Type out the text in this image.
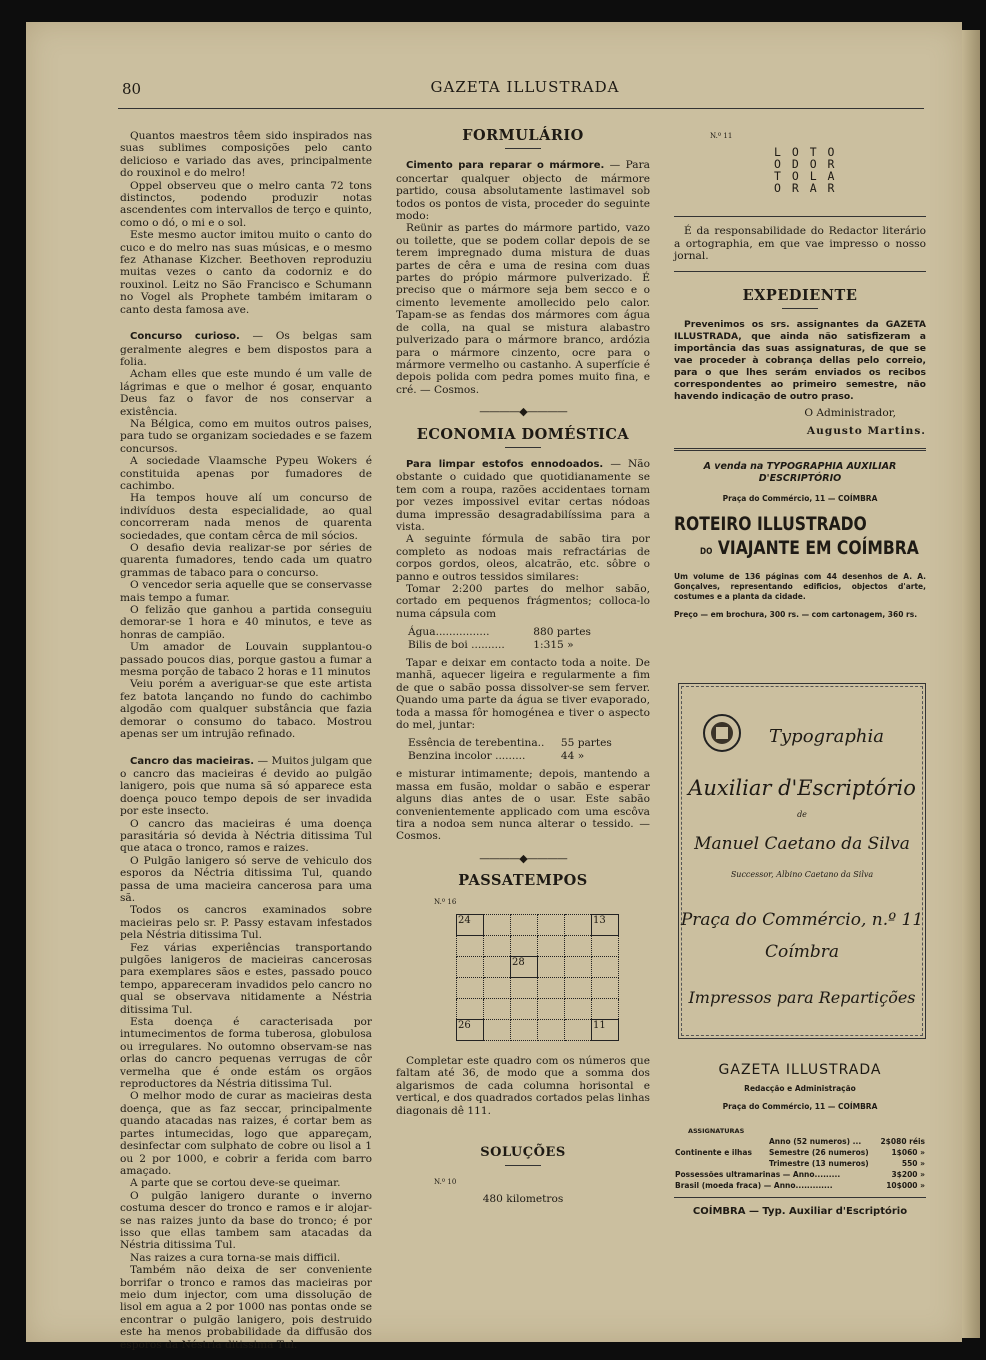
80	GAZETA ILLUSTRADA

Quantos maestros têem sido inspirados nas suas sublimes composições pelo canto delicioso e variado das aves, principalmente do rouxinol e do melro!

Oppel observeu que o melro canta 72 tons distinctos, podendo produzir notas ascendentes com intervallos de terço e quinto, como o dó, o mi e o sol.

Este mesmo auctor imitou muito o canto do cuco e do melro nas suas músicas, e o mesmo fez Athanase Kizcher. Beethoven reproduziu muitas vezes o canto da codorniz e do rouxinol. Leitz no São Francisco e Schumann no Vogel als Prophete também imitaram o canto desta famosa ave.

Concurso curioso. — Os belgas sam geralmente alegres e bem dispostos para a folia.

Acham elles que este mundo é um valle de lágrimas e que o melhor é gosar, enquanto Deus faz o favor de nos conservar a existência.

Na Bélgica, como em muitos outros paises, para tudo se organizam sociedades e se fazem concursos.

A sociedade Vlaamsche Pypeu Wokers é constituida apenas por fumadores de cachimbo.

Ha tempos houve alí um concurso de indivíduos desta especialidade, ao qual concorreram nada menos de quarenta sociedades, que contam cêrca de mil sócios.

O desafio devia realizar-se por séries de quarenta fumadores, tendo cada um quatro grammas de tabaco para o concurso.

O vencedor seria aquelle que se conservasse mais tempo a fumar.

O felizão que ganhou a partida conseguiu demorar-se 1 hora e 40 minutos, e teve as honras de campião.

Um amador de Louvain supplantou-o passado poucos dias, porque gastou a fumar a mesma porção de tabaco 2 horas e 11 minutos

Veiu porém a averiguar-se que este artista fez batota lançando no fundo do cachimbo algodão com qualquer substância que fazia demorar o consumo do tabaco. Mostrou apenas ser um intrujão refinado.

Cancro das macieiras. — Muitos julgam que o cancro das macieiras é devido ao pulgão lanigero, pois que numa sã só apparece esta doença pouco tempo depois de ser invadida por este insecto.

O cancro das macieiras é uma doença parasitária só devida à Néctria ditissima Tul que ataca o tronco, ramos e raizes.

O Pulgão lanigero só serve de vehiculo dos esporos da Néctria ditissima Tul, quando passa de uma macieira cancerosa para uma sã.

Todos os cancros examinados sobre macieiras pelo sr. P. Passy estavam infestados pela Néstria ditissima Tul.

Fez várias experiências transportando pulgões lanigeros de macieiras cancerosas para exemplares sãos e estes, passado pouco tempo, appareceram invadidos pelo cancro no qual se observava nitidamente a Néstria ditissima Tul.

Esta doença é caracterisada por intumecimentos de forma tuberosa, globulosa ou irregulares. No outomno observam-se nas orlas do cancro pequenas verrugas de côr vermelha que é onde estám os orgãos reproductores da Néstria ditissima Tul.

O melhor modo de curar as macieiras desta doença, que as faz seccar, principalmente quando atacadas nas raizes, é cortar bem as partes intumecidas, logo que appareçam, desinfectar com sulphato de cobre ou lisol a 1 ou 2 por 1000, e cobrir a ferida com barro amaçado.

A parte que se cortou deve-se queimar.

O pulgão lanigero durante o inverno costuma descer do tronco e ramos e ir alojar-se nas raizes junto da base do tronco; é por isso que ellas tambem sam atacadas da Néstria ditissima Tul.

Nas raizes a cura torna-se mais difficil.

Também não deixa de ser conveniente borrifar o tronco e ramos das macieiras por meio dum injector, com uma dissolução de lisol em agua a 2 por 1000 nas pontas onde se encontrar o pulgão lanigero, pois destruido este ha menos probabilidade da diffusão dos esporos da Néstria ditissima Tul.

FORMULÁRIO

Cimento para reparar o mármore. — Para concertar qualquer objecto de mármore partido, cousa absolutamente lastimavel sob todos os pontos de vista, proceder do seguinte modo:

Reünir as partes do mármore partido, vazo ou toilette, que se podem collar depois de se terem impregnado duma mistura de duas partes de cêra e uma de resina com duas partes do própio mármore pulverizado. É preciso que o mármore seja bem secco e o cimento levemente amollecido pelo calor. Tapam-se as fendas dos mármores com água de colla, na qual se mistura alabastro pulverizado para o mármore branco, ardózia para o mármore cinzento, ocre para o mármore vermelho ou castanho. A superfície é depois polida com pedra pomes muito fina, e cré. — Cosmos.

————◆————
ECONOMIA DOMÉSTICA

Para limpar estofos ennodoados. — Não obstante o cuidado que quotidianamente se tem com a roupa, razões accidentaes tornam por vezes impossivel evitar certas nódoas duma impressão desagradabilíssima para a vista.

A seguinte fórmula de sabão tira por completo as nodoas mais refractárias de corpos gordos, oleos, alcatrão, etc. sôbre o panno e outros tessidos similares:

Tomar 2:200 partes do melhor sabão, cortado em pequenos frágmentos; colloca-lo numa cápsula com

Água................	880 partes
Bilis de boi ..........	1:315 »

Tapar e deixar em contacto toda a noite. De manhã, aquecer ligeira e regularmente a fim de que o sabão possa dissolver-se sem ferver. Quando uma parte da água se tiver evaporado, toda a massa fôr homogénea e tiver o aspecto do mel, juntar:

Essência de terebentina..	55 partes
Benzina incolor .........	44 »

e misturar intimamente; depois, mantendo a massa em fusão, moldar o sabão e esperar alguns dias antes de o usar. Este sabão convenientemente applicado com uma escôva tira a nodoa sem nunca alterar o tessido. — Cosmos.

————◆————
PASSATEMPOS
N.º 16
24					13

		28			

26					11

Completar este quadro com os números que faltam até 36, de modo que a somma dos algarismos de cada columna horisontal e vertical, e dos quadrados cortados pelas linhas diagonais dê 111.

SOLUÇÕES
N.º 10
480 kilometros
N.º 11
L O T O
O D O R
T O L A
O R A R

É da responsabilidade do Redactor literário a ortographia, em que vae impresso o nosso jornal.

EXPEDIENTE

Prevenimos os srs. assignantes da GAZETA ILLUSTRADA, que ainda não satisfizeram a importância das suas assignaturas, de que se vae proceder à cobrança dellas pelo correio, para o que lhes serám enviados os recibos correspondentes ao primeiro semestre, não havendo indicação de outro praso.

O Administrador,
Augusto Martins.
A venda na TYPOGRAPHIA AUXILIAR D'ESCRIPTÓRIO
Praça do Commércio, 11 — COÍMBRA
ROTEIRO ILLUSTRADO
DO VIAJANTE EM COÍMBRA

Um volume de 136 páginas com 44 desenhos de A. A. Gonçalves, representando edificios, objectos d'arte, costumes e a planta da cidade.

Preço — em brochura, 300 rs. — com cartonagem, 360 rs.

Typographia
Auxiliar d'Escriptório
de
Manuel Caetano da Silva
Successor, Albino Caetano da Silva
Praça do Commércio, n.º 11
Coímbra
Impressos para Repartições
GAZETA ILLUSTRADA
Redacção e Administração
Praça do Commércio, 11 — COÍMBRA
ASSIGNATURAS
Continente e ilhas	Anno (52 numeros) ...	2$080 réis
	Semestre (26 numeros)	1$060 »
	Trimestre (13 numeros)	550 »
Possessões ultramarinas — Anno.........		3$200 »
Brasil (moeda fraca) — Anno.............		10$000 »
COÍMBRA — Typ. Auxiliar d'Escriptório
